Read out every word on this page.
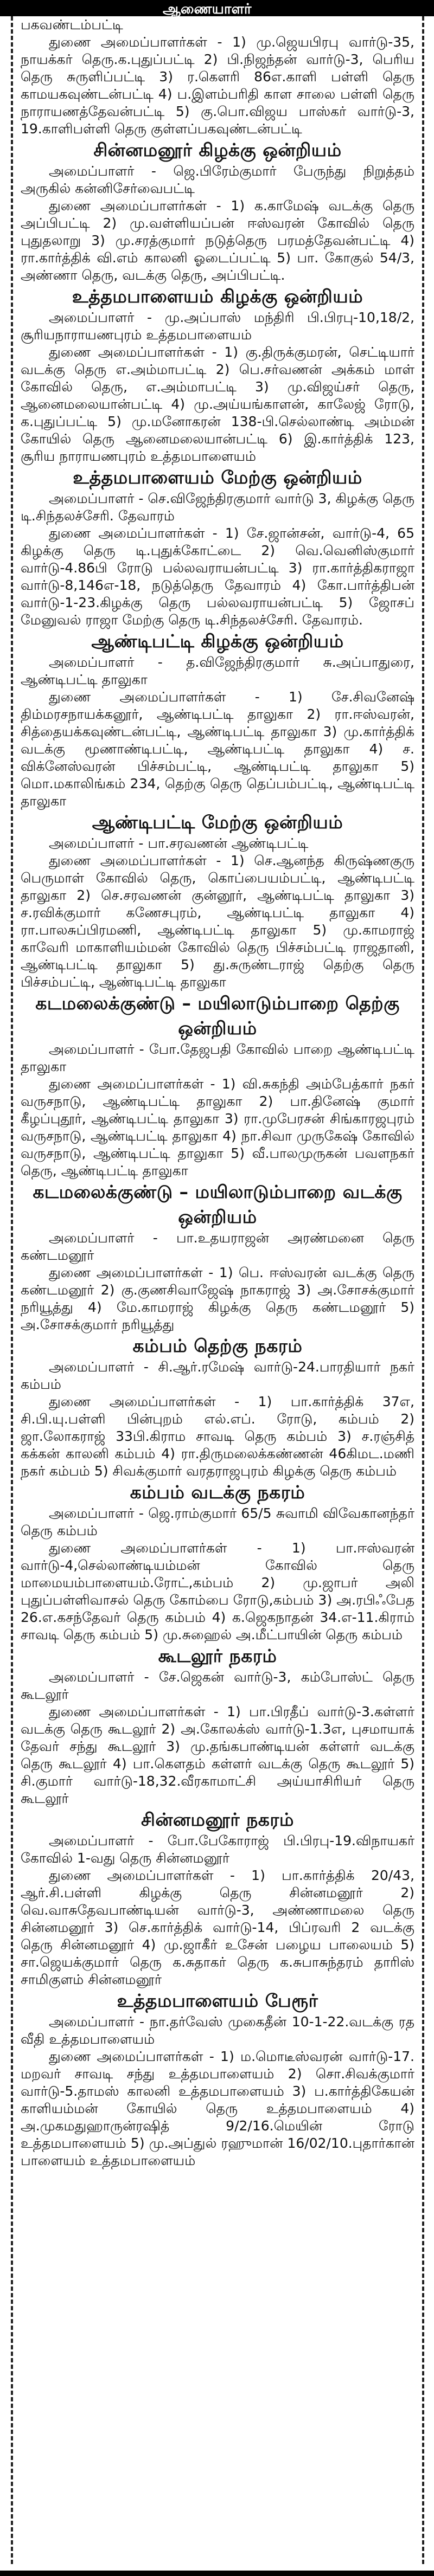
ஆணையாளர்

பகவண்டம்பட்டி

துணை அமைப்பாளர்கள் - 1) மு.ஜெயபிரபு வார்டு-35, நாயக்கர் தெரு.க.புதுப்பட்டி 2) பி.நிஜந்தன் வார்டு-3, பெரிய தெரு சுருளிப்பட்டி 3) ர.கௌரி 86எ.காளி பள்ளி தெரு காமயகவுண்டன்பட்டி 4) ப.இளம்பரிதி காள சாலை பள்ளி தெரு நாராயணத்தேவன்பட்டி 5) கு.பொ.விஜய பாஸ்கர் வார்டு-3, 19.காளிபள்ளி தெரு குள்ளப்பகவுண்டன்பட்டி

சின்னமனூர் கிழக்கு ஒன்றியம்

அமைப்பாளர் - ஜெ.பிரேம்குமார் பேருந்து நிறுத்தம் அருகில் கன்னிசேர்வைபட்டி

துணை அமைப்பாளர்கள் - 1) க.காமேஷ் வடக்கு தெரு அப்பிபட்டி 2) மு.வள்ளியப்பன் ஈஸ்வரன் கோவில் தெரு புதுதலாறு 3) மு.சரத்குமார் நடுத்தெரு பரமத்தேவன்பட்டி 4) ரா.கார்த்திக் வி.எம் காலனி ஓடைப்பட்டி 5) பா. கோகுல் 54/3, அண்ணா தெரு, வடக்கு தெரு, அப்பிபட்டி.

உத்தமபாளையம் கிழக்கு ஒன்றியம்

அமைப்பாளர் - மு.அப்பாஸ் மந்திரி பி.பிரபு-10,18/2, சூரியநாராயணபுரம் உத்தமபாளையம்

துணை அமைப்பாளர்கள் - 1) கு.திருக்குமரன், செட்டியார் வடக்கு தெரு எ.அம்மாபட்டி 2) பெ.சர்வணன் அக்கம் மாள் கோவில் தெரு, எ.அம்மாபட்டி 3) மு.விஜய்சர் தெரு, ஆனைமலையான்பட்டி 4) மு.அய்யங்காளன், காலேஜ் ரோடு, க.புதுப்பட்டி 5) மு.மனோகரன் 138-பி.செல்லாண்டி அம்மன் கோயில் தெரு ஆனைமலையான்பட்டி 6) இ.கார்த்திக் 123, சூரிய நாராயணபுரம் உத்தமபாளையம்

உத்தமபாளையம் மேற்கு ஒன்றியம்

அமைப்பாளர் - செ.விஜேந்திரகுமார் வார்டு 3, கிழக்கு தெரு டி.சிந்தலச்சேரி. தேவாரம்

துணை அமைப்பாளர்கள் - 1) சே.ஜான்சன், வார்டு-4, 65 கிழக்கு தெரு டி.புதுக்கோட்டை 2) வெ.வெனிஸ்குமார் வார்டு-4.86பி ரோடு பல்லவராயன்பட்டி 3) ரா.கார்த்திகராஜா வார்டு-8,146எ-18, நடுத்தெரு தேவாரம் 4) கோ.பார்த்திபன் வார்டு-1-23.கிழக்கு தெரு பல்லவராயன்பட்டி 5) ஜோசப் மேனுவல் ராஜா மேற்கு தெரு டி.சிந்தலச்சேரி. தேவாரம்.

ஆண்டிபட்டி கிழக்கு ஒன்றியம்

அமைப்பாளர் - த.விஜேந்திரகுமார் சு.அப்பாதுரை, ஆண்டிபட்டி தாலுகா

துணை அமைப்பாளர்கள் - 1) சே.சிவனேஷ் திம்மரசநாயக்கனூர், ஆண்டிபட்டி தாலுகா 2) ரா.ஈஸ்வரன், சித்தையக்கவுண்டன்பட்டி, ஆண்டிபட்டி தாலுகா 3) மு.கார்த்திக் வடக்கு மூணாண்டிபட்டி, ஆண்டிபட்டி தாலுகா 4) ச. விக்னேஸ்வரன் பிச்சம்பட்டி, ஆண்டிபட்டி தாலுகா 5) மொ.மகாலிங்கம் 234, தெற்கு தெரு தெப்பம்பட்டி, ஆண்டிபட்டி தாலுகா

ஆண்டிபட்டி மேற்கு ஒன்றியம்

அமைப்பாளர் - பா.சரவணன் ஆண்டிபட்டி

துணை அமைப்பாளர்கள் - 1) செ.ஆனந்த கிருஷ்ணகுரு பெருமாள் கோவில் தெரு, கொப்பையம்பட்டி, ஆண்டிபட்டி தாலுகா 2) செ.சரவணன் குன்னூர், ஆண்டிபட்டி தாலுகா 3) ச.ரவிக்குமார் கணேசபுரம், ஆண்டிபட்டி தாலுகா 4) ரா.பாலசுப்பிரமணி, ஆண்டிபட்டி தாலுகா 5) மு.காமராஜ் காவேரி மாகாளியம்மன் கோவில் தெரு பிச்சம்பட்டி ராஜதானி, ஆண்டிபட்டி தாலுகா 5) து.சுருண்டராஜ் தெற்கு தெரு பிச்சம்பட்டி, ஆண்டிபட்டி தாலுகா

கடமலைக்குண்டு – மயிலாடும்பாறை தெற்கு ஒன்றியம்

அமைப்பாளர் - போ.தேஜபதி கோவில் பாறை ஆண்டிபட்டி தாலுகா

துணை அமைப்பாளர்கள் - 1) வி.சுகந்தி அம்பேத்கார் நகர் வருசநாடு, ஆண்டிபட்டி தாலுகா 2) பா.தினேஷ் குமார் கீழப்புதூர், ஆண்டிபட்டி தாலுகா 3) ரா.முபேரசன் சிங்காரஜபுரம் வருசநாடு, ஆண்டிபட்டி தாலுகா 4) நா.சிவா முருகேஷ் கோவில் வருசநாடு, ஆண்டிபட்டி தாலுகா 5) வீ.பாலமுருகன் பவளநகர் தெரு, ஆண்டிபட்டி தாலுகா

கடமலைக்குண்டு – மயிலாடும்பாறை வடக்கு ஒன்றியம்

அமைப்பாளர் - பா.உதயராஜன் அரண்மனை தெரு கண்டமனூர்

துணை அமைப்பாளர்கள் - 1) பெ. ஈஸ்வரன் வடக்கு தெரு கண்டமனூர் 2) கு.குணசிவாஜேஷ் நாகராஜ் 3) அ.சோசக்குமார் நரியூத்து 4) மே.காமராஜ் கிழக்கு தெரு கண்டமனூர் 5) அ.சோசக்குமார் நரியூத்து

கம்பம் தெற்கு நகரம்

அமைப்பாளர் - சி.ஆர்.ரமேஷ் வார்டு-24.பாரதியார் நகர் கம்பம்

துணை அமைப்பாளர்கள் - 1) பா.கார்த்திக் 37எ, சி.பி.யு.பள்ளி பின்புறம் எல்.எப். ரோடு, கம்பம் 2) ஜா.லோகராஜ் 33பி.கிராம சாவடி தெரு கம்பம் 3) ச.ரஞ்சித் கக்கன் காலனி கம்பம் 4) ரா.திருமலைக்கண்ணன் 46கிமட.மணி நகர் கம்பம் 5) சிவக்குமார் வரதராஜபுரம் கிழக்கு தெரு கம்பம்

கம்பம் வடக்கு நகரம்

அமைப்பாளர் - ஜெ.ராம்குமார் 65/5 சுவாமி விவேகானந்தர் தெரு கம்பம்

துணை அமைப்பாளர்கள் - 1) பா.ஈஸ்வரன் வார்டு-4,செல்லாண்டியம்மன் கோவில் தெரு மாமையம்பாளையம்.ரோட்,கம்பம் 2) மு.ஜாபர் அலி புதுப்பள்ளிவாசல் தெரு கோம்பை ரோடு,கம்பம் 3) அ.ரபிஃபேத 26.எ.கசந்தேவர் தெரு கம்பம் 4) க.ஜெகநாதன் 34.எ-11.கிராம் சாவடி தெரு கம்பம் 5) மு.சுஹைல் அ.மீட்பாயின் தெரு கம்பம்

கூடலூர் நகரம்

அமைப்பாளர் - சே.ஜெகன் வார்டு-3, கம்போஸ்ட் தெரு கூடலூர்

துணை அமைப்பாளர்கள் - 1) பா.பிரதீப் வார்டு-3.கள்ளர் வடக்கு தெரு கூடலூர் 2) அ.கோலக்ஸ் வார்டு-1.3எ, புசமாயாக் தேவர் சந்து கூடலூர் 3) மு.தங்கபாண்டியன் கள்ளர் வடக்கு தெரு கூடலூர் 4) பா.கௌதம் கள்ளர் வடக்கு தெரு கூடலூர் 5) சி.குமார் வார்டு-18,32.வீரகாமாட்சி அய்யாசிரியர் தெரு கூடலூர்

சின்னமனூர் நகரம்

அமைப்பாளர் - போ.பேகோராஜ் பி.பிரபு-19.விநாயகர் கோவில் 1-வது தெரு சின்னமனூர்

துணை அமைப்பாளர்கள் - 1) பா.கார்த்திக் 20/43, ஆர்.சி.பள்ளி கிழக்கு தெரு சின்னமனூர் 2) வெ.வாசுதேவபாண்டியன் வார்டு-3, அண்ணாமலை தெரு சின்னமனூர் 3) செ.கார்த்திக் வார்டு-14, பிப்ரவரி 2 வடக்கு தெரு சின்னமனூர் 4) மு.ஜாகீர் உசேன் பழைய பாலையம் 5) சா.ஜெயக்குமார் தெரு க.சுதாகர் தெரு க.சுபாசுந்தரம் தாரிஸ் சாமிகுளம் சின்னமனூர்

உத்தமபாளையம் பேரூர்

அமைப்பாளர் - நா.தர்வேஸ் முகைதீன் 10-1-22.வடக்கு ரத வீதி உத்தமபாளையம்

துணை அமைப்பாளர்கள் - 1) ம.மொடீஸ்வரன் வார்டு-17. மறவர் சாவடி சந்து உத்தமபாளையம் 2) சொ.சிவக்குமார் வார்டு-5.தாமஸ் காலனி உத்தமபாளையம் 3) ப.கார்த்திகேயன் காளியம்மன் கோயில் தெரு உத்தமபாளையம் 4) அ.முகமதுஹாருன்ரஷித் 9/2/16.மெயின் ரோடு உத்தமபாளையம் 5) மு.அப்துல் ரஹுமான் 16/02/10.புதார்கான் பாளையம் உத்தமபாளையம்
